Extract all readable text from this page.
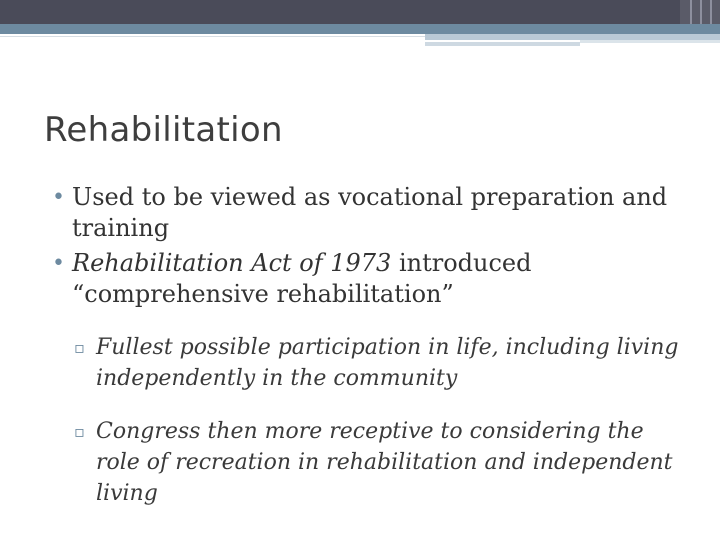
Rehabilitation

• Used to be viewed as vocational preparation and training

• Rehabilitation Act of 1973 introduced “comprehensive rehabilitation”

▫ Fullest possible participation in life, including living independently in the community

▫ Congress then more receptive to considering the role of recreation in rehabilitation and independent living
